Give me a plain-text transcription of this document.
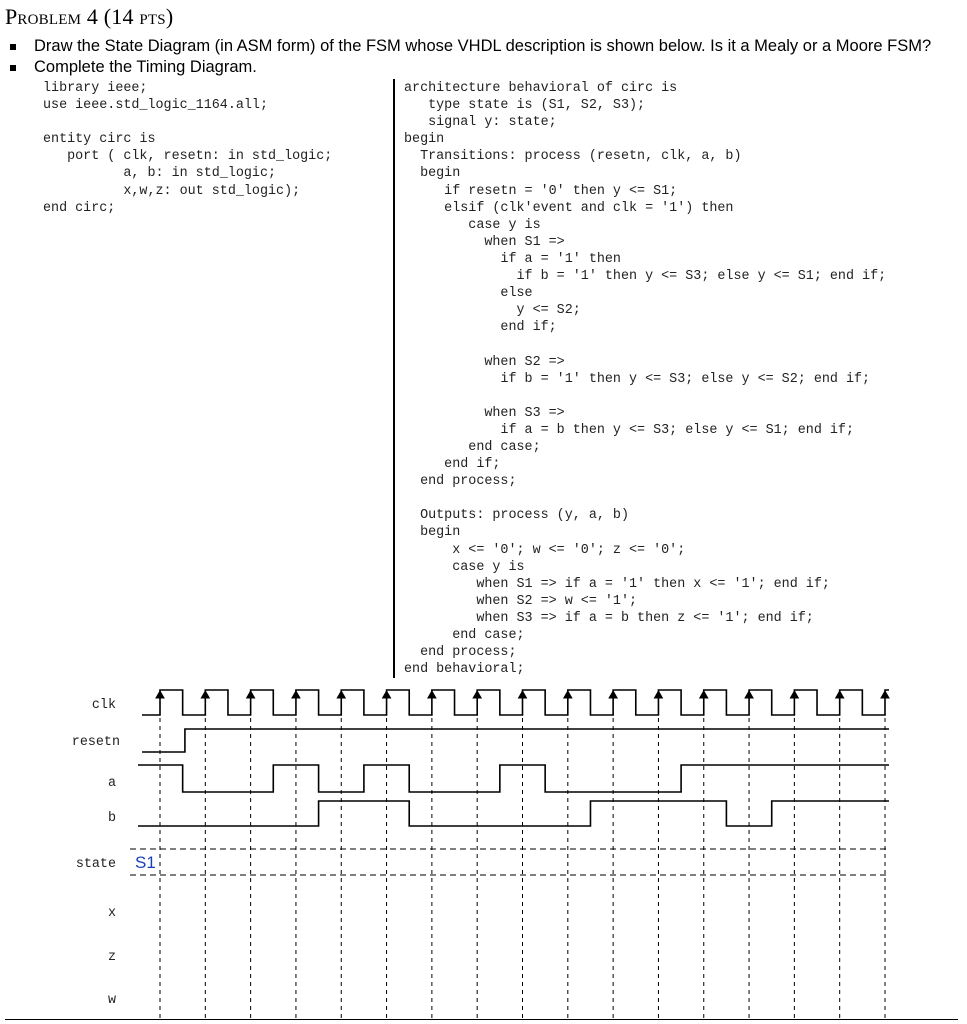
Problem 4 (14 pts)
Draw the State Diagram (in ASM form) of the FSM whose VHDL description is shown below. Is it a Mealy or a Moore FSM?
Complete the Timing Diagram.
library ieee;
use ieee.std_logic_1164.all;

entity circ is
port ( clk, resetn: in std_logic;
a, b: in std_logic;
x,w,z: out std_logic);
end circ;
architecture behavioral of circ is
type state is (S1, S2, S3);
signal y: state;
begin
Transitions: process (resetn, clk, a, b)
begin
if resetn = '0' then y <= S1;
elsif (clk'event and clk = '1') then
case y is
when S1 =>
if a = '1' then
if b = '1' then y <= S3; else y <= S1; end if;
else
y <= S2;
end if;

when S2 =>
if b = '1' then y <= S3; else y <= S2; end if;

when S3 =>
if a = b then y <= S3; else y <= S1; end if;
end case;
end if;
end process;

Outputs: process (y, a, b)
begin
x <= '0'; w <= '0'; z <= '0';
case y is
when S1 => if a = '1' then x <= '1'; end if;
when S2 => w <= '1';
when S3 => if a = b then z <= '1'; end if;
end case;
end process;
end behavioral;
clk
resetn
a
b
state
x
z
w
S1
